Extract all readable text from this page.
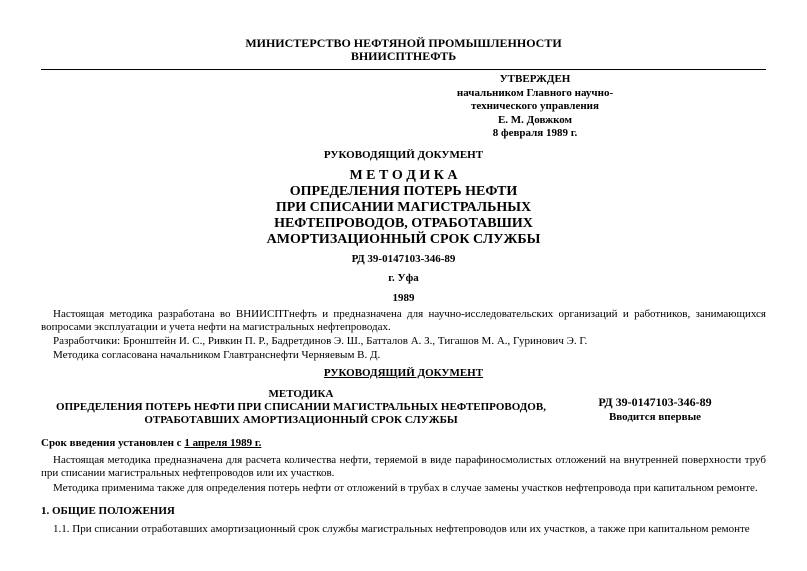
МИНИСТЕРСТВО НЕФТЯНОЙ ПРОМЫШЛЕННОСТИ
ВНИИСПТНЕФТЬ
УТВЕРЖДЕН
начальником Главного научно-
технического управления
Е. М. Довжком
8 февраля 1989 г.
РУКОВОДЯЩИЙ ДОКУМЕНТ
М Е Т О Д И К А
ОПРЕДЕЛЕНИЯ ПОТЕРЬ НЕФТИ
ПРИ СПИСАНИИ МАГИСТРАЛЬНЫХ
НЕФТЕПРОВОДОВ, ОТРАБОТАВШИХ
АМОРТИЗАЦИОННЫЙ СРОК СЛУЖБЫ
РД 39-0147103-346-89
г. Уфа
1989
Настоящая методика разработана во ВНИИСПТнефть и предназначена для научно-исследовательских организаций и работников, занимающихся вопросами эксплуатации и учета нефти на магистральных нефтепроводах.
Разработчики: Бронштейн И. С., Ривкин П. Р., Бадретдинов Э. Ш., Батталов А. З., Тигашов М. А., Гуринович Э. Г.
Методика согласована начальником Главтранснефти Черняевым В. Д.
РУКОВОДЯЩИЙ ДОКУМЕНТ
МЕТОДИКА
ОПРЕДЕЛЕНИЯ ПОТЕРЬ НЕФТИ ПРИ СПИСАНИИ МАГИСТРАЛЬНЫХ НЕФТЕПРОВОДОВ,
ОТРАБОТАВШИХ АМОРТИЗАЦИОННЫЙ СРОК СЛУЖБЫ
РД 39-0147103-346-89
Вводится впервые
Срок введения установлен с 1 апреля 1989 г.
Настоящая методика предназначена для расчета количества нефти, теряемой в виде парафиносмолистых отложений на внутренней поверхности труб при списании магистральных нефтепроводов или их участков.
Методика применима также для определения потерь нефти от отложений в трубах в случае замены участков нефтепровода при капитальном ремонте.
1. ОБЩИЕ ПОЛОЖЕНИЯ
1.1. При списании отработавших амортизационный срок службы магистральных нефтепроводов или их участков, а также при капитальном ремонте
